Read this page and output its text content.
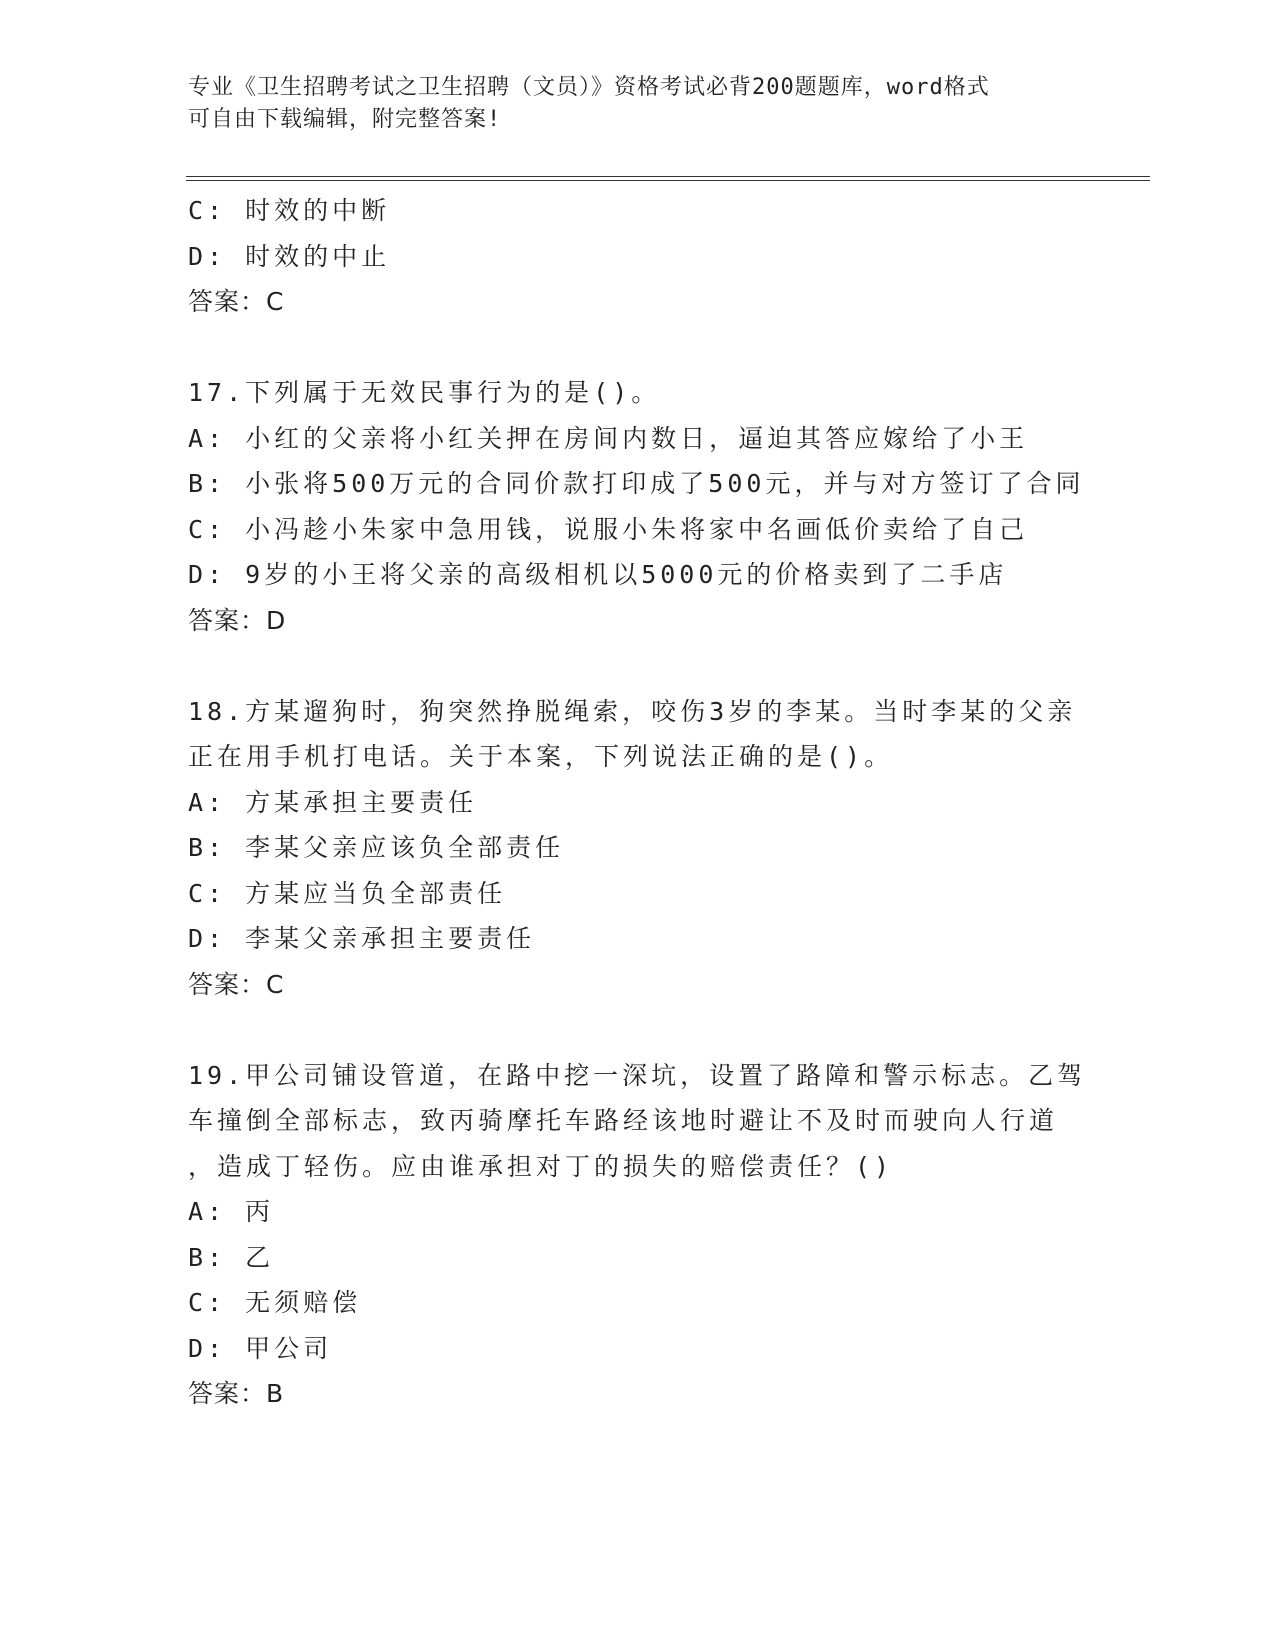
专业《卫生招聘考试之卫生招聘（文员）》资格考试必背200题题库，word格式
可自由下载编辑，附完整答案!
C: 时效的中断
D: 时效的中止
答案：C
17.下列属于无效民事行为的是()。
A: 小红的父亲将小红关押在房间内数日，逼迫其答应嫁给了小王
B: 小张将500万元的合同价款打印成了500元，并与对方签订了合同
C: 小冯趁小朱家中急用钱，说服小朱将家中名画低价卖给了自己
D: 9岁的小王将父亲的高级相机以5000元的价格卖到了二手店
答案：D
18.方某遛狗时，狗突然挣脱绳索，咬伤3岁的李某。当时李某的父亲
正在用手机打电话。关于本案，下列说法正确的是()。
A: 方某承担主要责任
B: 李某父亲应该负全部责任
C: 方某应当负全部责任
D: 李某父亲承担主要责任
答案：C
19.甲公司铺设管道，在路中挖一深坑，设置了路障和警示标志。乙驾
车撞倒全部标志，致丙骑摩托车路经该地时避让不及时而驶向人行道
，造成丁轻伤。应由谁承担对丁的损失的赔偿责任？()
A: 丙
B: 乙
C: 无须赔偿
D: 甲公司
答案：B
